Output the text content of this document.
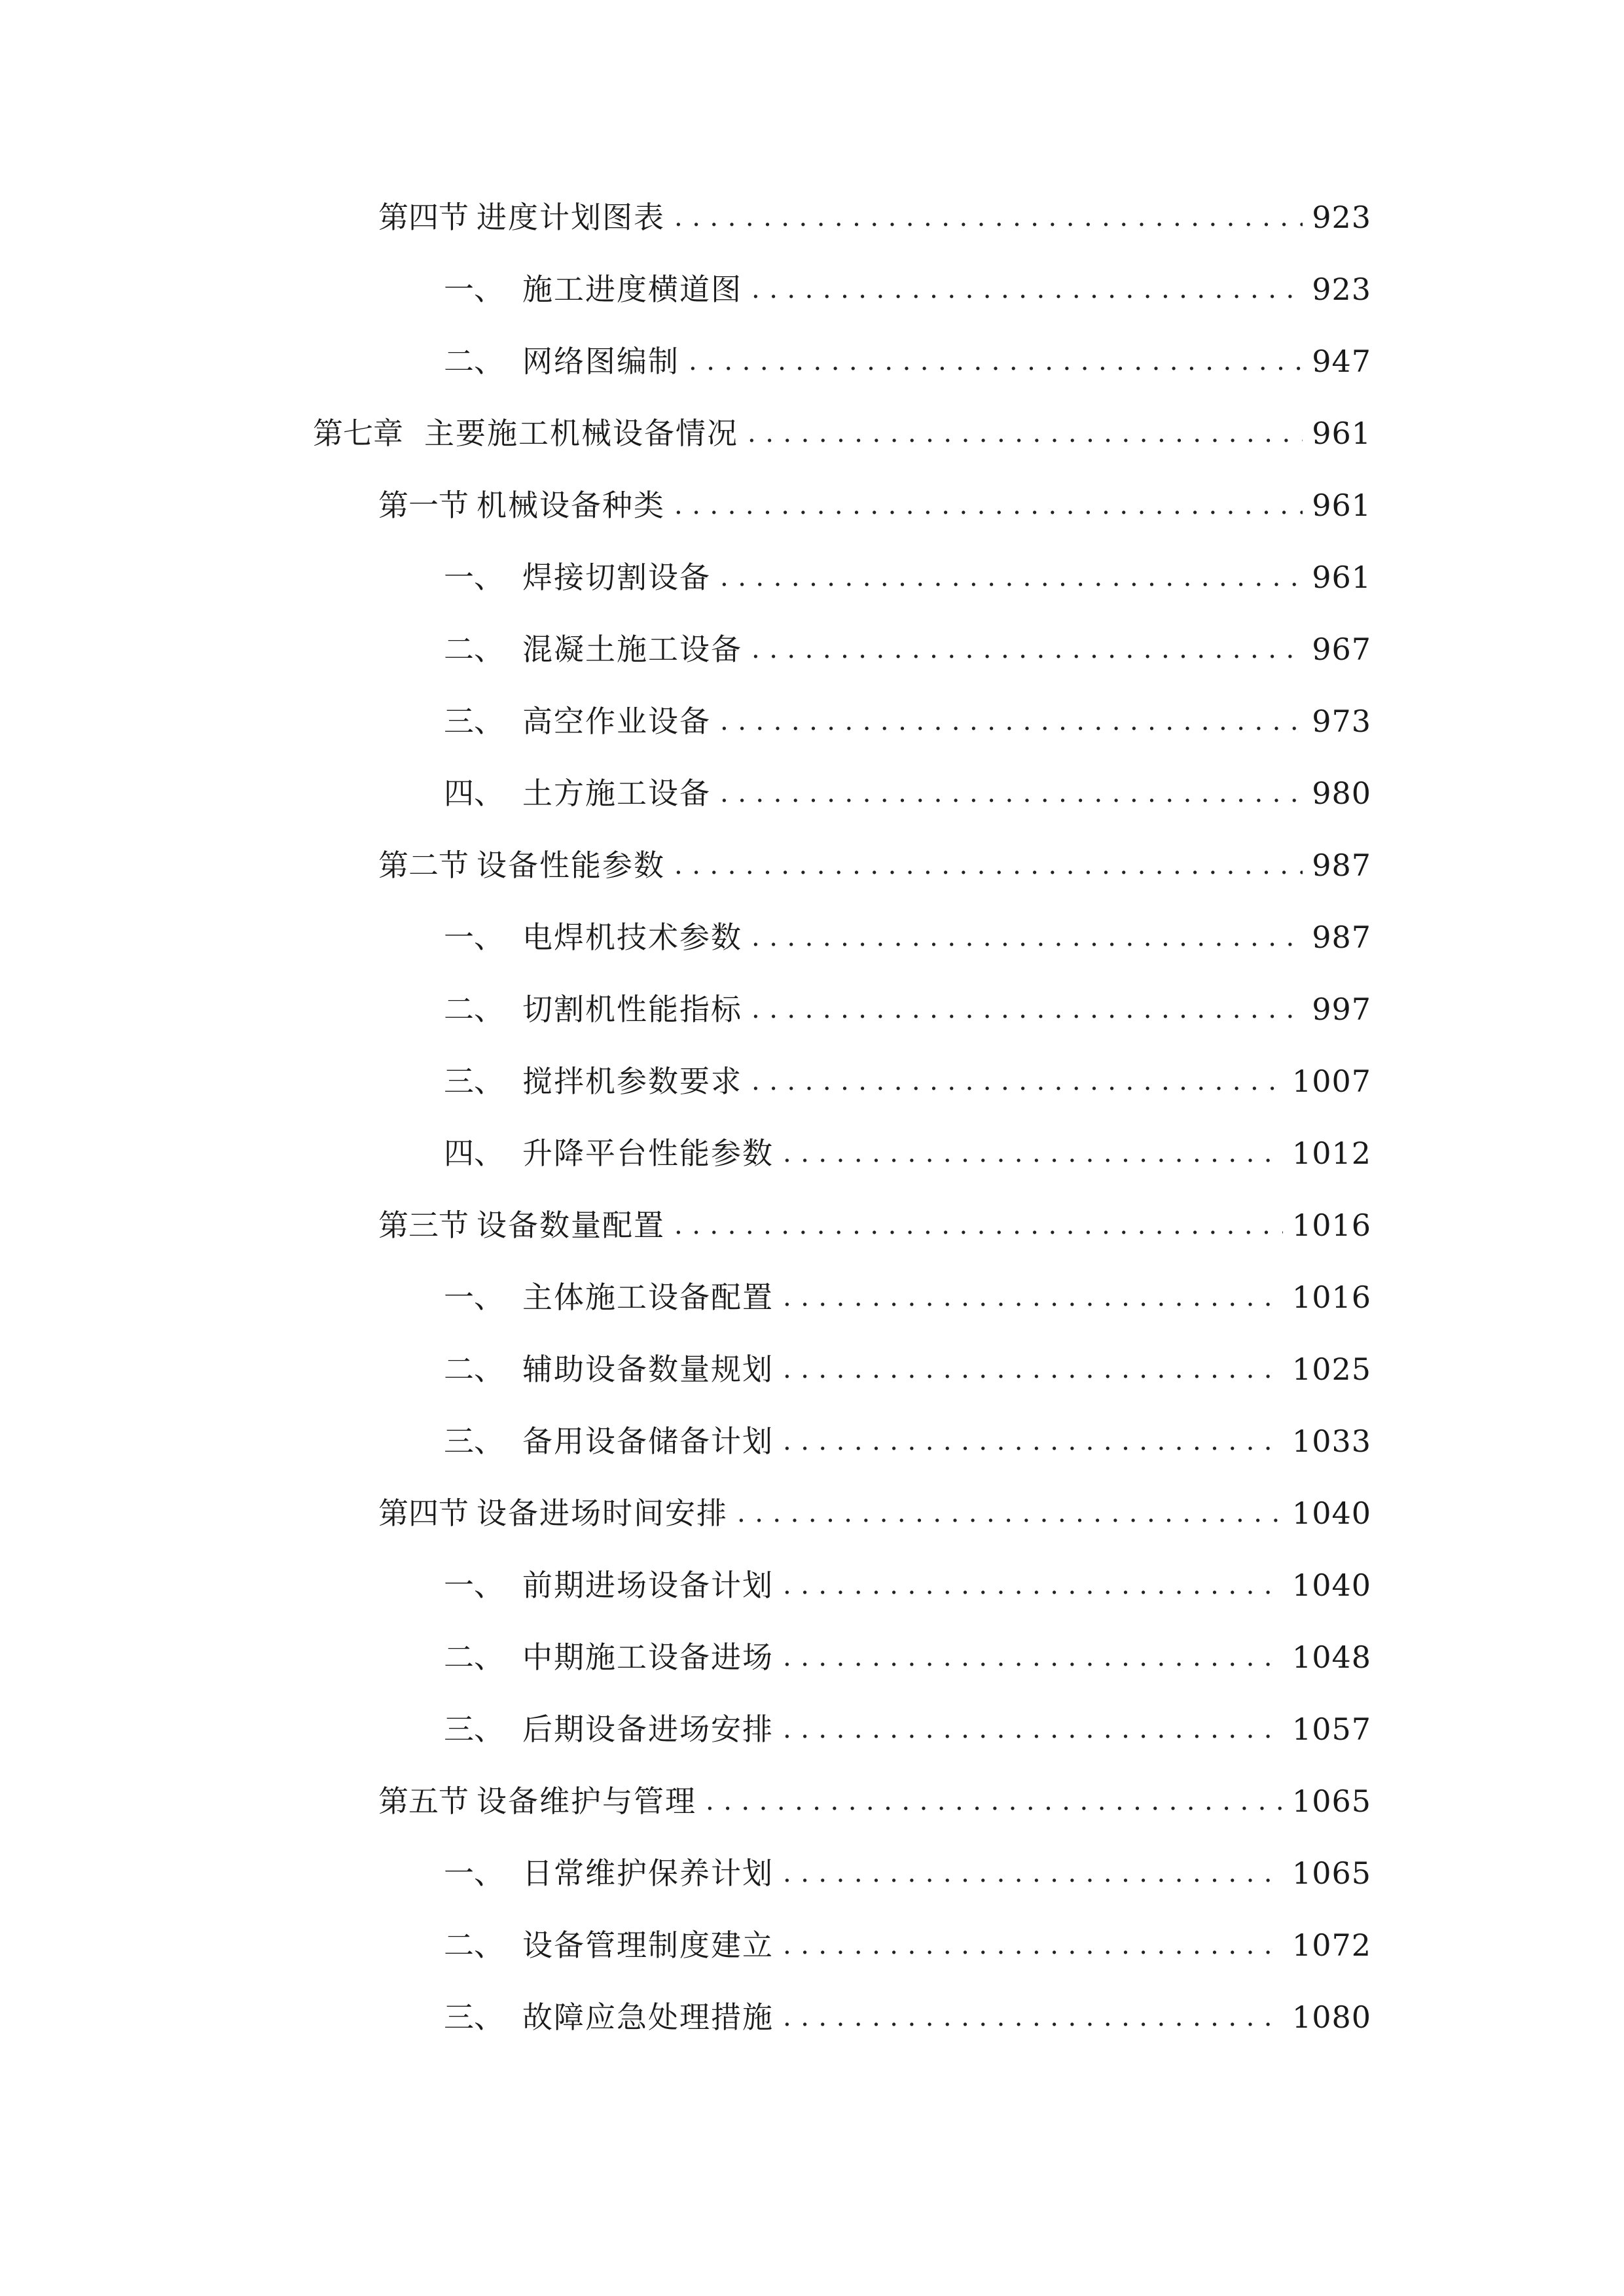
第四节 进度计划图表 .....	923
一、 施工进度横道图 .....	923
二、 网络图编制 .....	947
第七章 主要施工机械设备情况 .....	961
第一节 机械设备种类 .....	961
一、 焊接切割设备 .....	961
二、 混凝土施工设备 .....	967
三、 高空作业设备 .....	973
四、 土方施工设备 .....	980
第二节 设备性能参数 .....	987
一、 电焊机技术参数 .....	987
二、 切割机性能指标 .....	997
三、 搅拌机参数要求 .....	1007
四、 升降平台性能参数 .....	1012
第三节 设备数量配置 .....	1016
一、 主体施工设备配置 .....	1016
二、 辅助设备数量规划 .....	1025
三、 备用设备储备计划 .....	1033
第四节 设备进场时间安排 .....	1040
一、 前期进场设备计划 .....	1040
二、 中期施工设备进场 .....	1048
三、 后期设备进场安排 .....	1057
第五节 设备维护与管理 .....	1065
一、 日常维护保养计划 .....	1065
二、 设备管理制度建立 .....	1072
三、 故障应急处理措施 .....	1080
